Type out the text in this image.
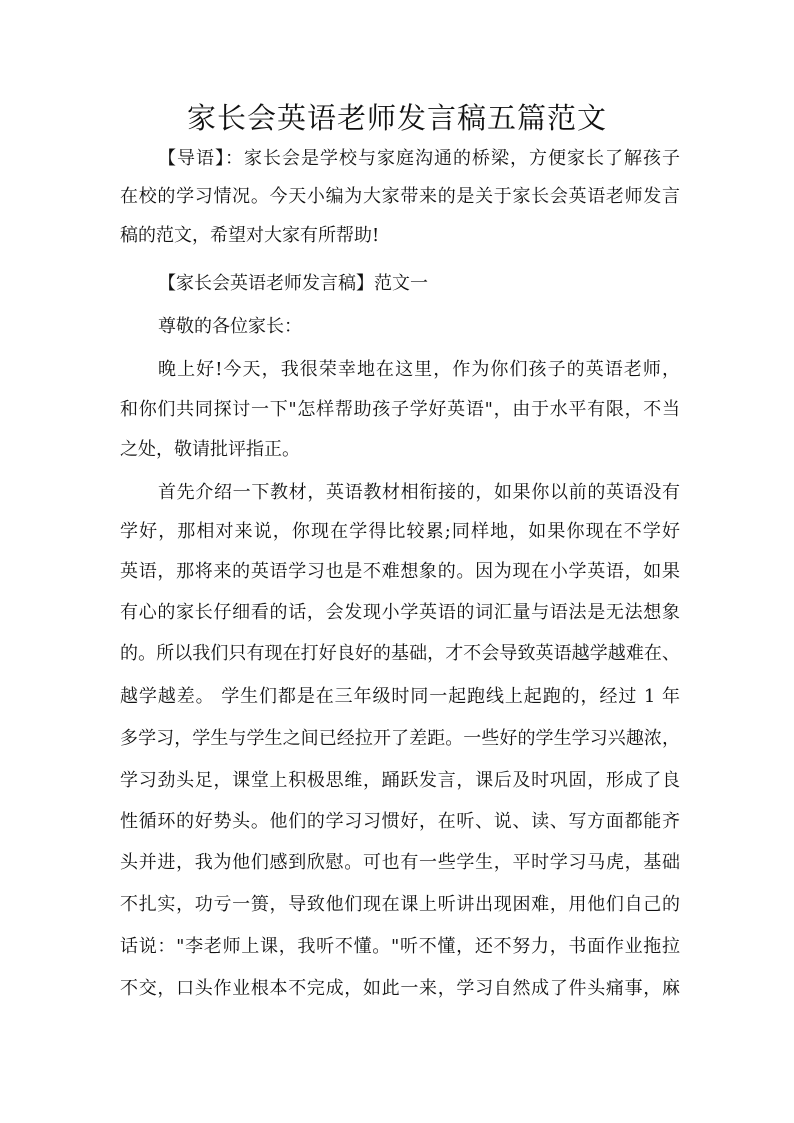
家长会英语老师发言稿五篇范文
【导语】：家长会是学校与家庭沟通的桥梁，方便家长了解孩子
在校的学习情况。今天小编为大家带来的是关于家长会英语老师发言
稿的范文，希望对大家有所帮助!
【家长会英语老师发言稿】范文一
尊敬的各位家长：
晚上好!今天，我很荣幸地在这里，作为你们孩子的英语老师，
和你们共同探讨一下"怎样帮助孩子学好英语"，由于水平有限，不当
之处，敬请批评指正。
首先介绍一下教材，英语教材相衔接的，如果你以前的英语没有
学好，那相对来说，你现在学得比较累;同样地，如果你现在不学好
英语，那将来的英语学习也是不难想象的。因为现在小学英语，如果
有心的家长仔细看的话，会发现小学英语的词汇量与语法是无法想象
的。所以我们只有现在打好良好的基础，才不会导致英语越学越难在、
越学越差。 学生们都是在三年级时同一起跑线上起跑的，经过 1 年
多学习，学生与学生之间已经拉开了差距。一些好的学生学习兴趣浓，
学习劲头足，课堂上积极思维，踊跃发言，课后及时巩固，形成了良
性循环的好势头。他们的学习习惯好，在听、说、读、写方面都能齐
头并进，我为他们感到欣慰。可也有一些学生，平时学习马虎，基础
不扎实，功亏一篑，导致他们现在课上听讲出现困难，用他们自己的
话说："李老师上课，我听不懂。"听不懂，还不努力，书面作业拖拉
不交，口头作业根本不完成，如此一来，学习自然成了件头痛事，麻
